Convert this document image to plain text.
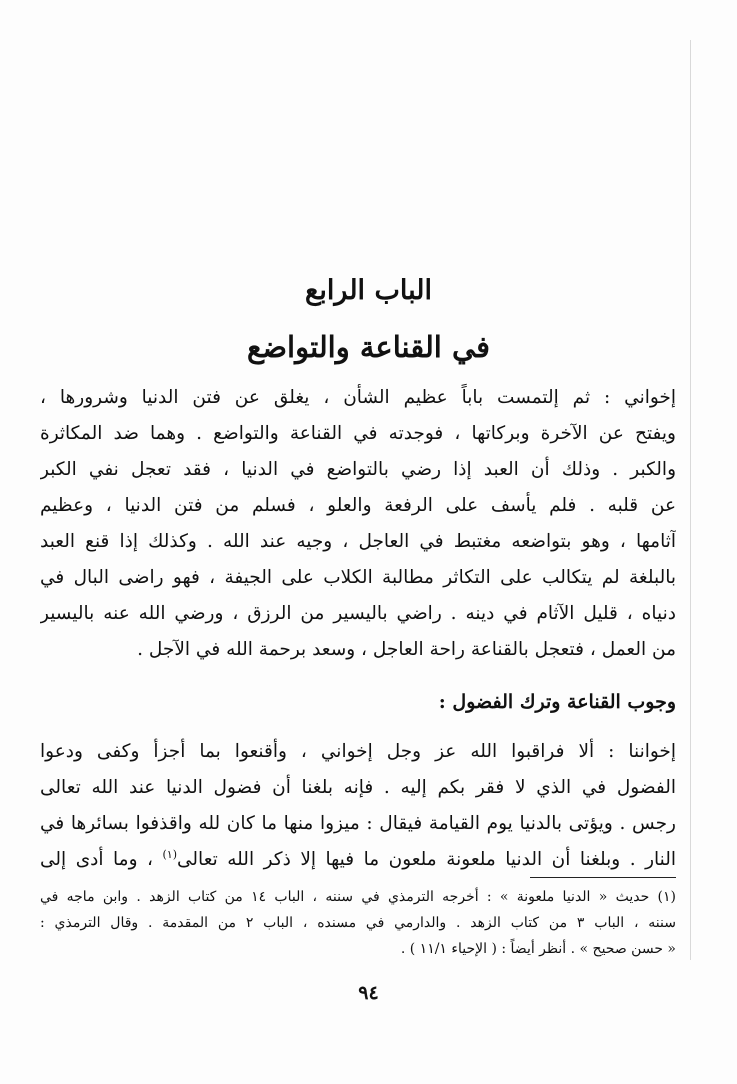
الباب الرابع
في القناعة والتواضع
إخواني : ثم إلتمست باباً عظيم الشأن ، يغلق عن فتن الدنيا وشرورها ،
ويفتح عن الآخرة وبركاتها ، فوجدته في القناعة والتواضع . وهما ضد المكاثرة
والكبر . وذلك أن العبد إذا رضي بالتواضع في الدنيا ، فقد تعجل نفي الكبر
عن قلبه . فلم يأسف على الرفعة والعلو ، فسلم من فتن الدنيا ، وعظيم
آثامها ، وهو بتواضعه مغتبط في العاجل ، وجيه عند الله . وكذلك إذا قنع العبد
بالبلغة لم يتكالب على التكاثر مطالبة الكلاب على الجيفة ، فهو راضى البال في
دنياه ، قليل الآثام في دينه . راضي باليسير من الرزق ، ورضي الله عنه باليسير
من العمل ، فتعجل بالقناعة راحة العاجل ، وسعد برحمة الله في الآجل .
وجوب القناعة وترك الفضول :
إخواننا : ألا فراقبوا الله عز وجل إخواني ، وأقنعوا بما أجزأ وكفى ودعوا
الفضول في الذي لا فقر بكم إليه . فإنه بلغنا أن فضول الدنيا عند الله تعالى
رجس . ويؤتى بالدنيا يوم القيامة فيقال : ميزوا منها ما كان لله واقذفوا بسائرها في
النار . وبلغنا أن الدنيا ملعونة ملعون ما فيها إلا ذكر الله تعالى$^{(١)}$ ، وما أدى إلى
(١) حديث « الدنيا ملعونة » : أخرجه الترمذي في سننه ، الباب ١٤ من كتاب الزهد . وابن ماجه في
سننه ، الباب ٣ من كتاب الزهد . والدارمي في مسنده ، الباب ٢ من المقدمة . وقال الترمذي :
« حسن صحيح » . أنظر أيضاً : ( الإحياء ١١/١ ) .
٩٤
